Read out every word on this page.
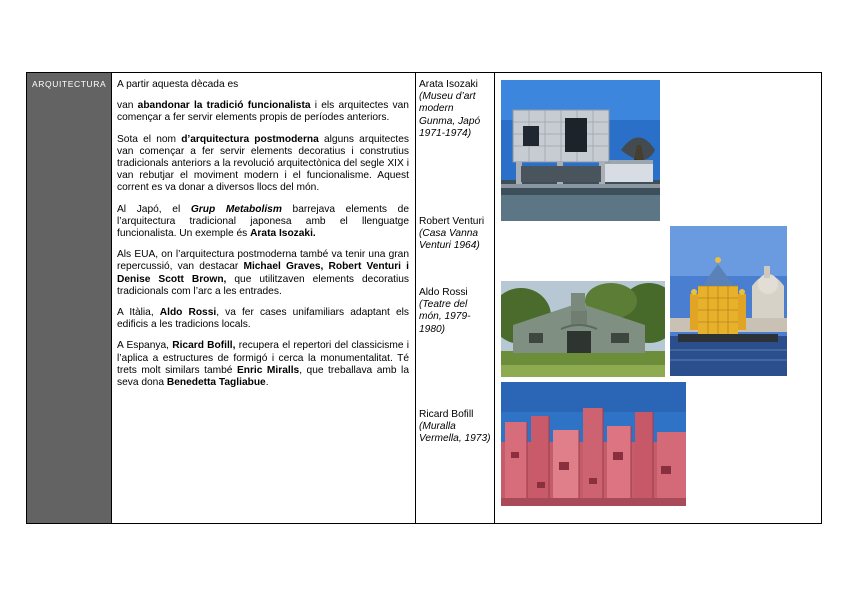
ARQUITECTURA A partir aquesta dècada es

van abandonar la tradició funcionalista i els arquitectes van començar a fer servir elements propis de períodes anteriors.

Sota el nom d’arquitectura postmoderna alguns arquitectes van començar a fer servir elements decoratius i construtius tradicionals anteriors a la revolució arquitectònica del segle XIX i van rebutjar el moviment modern i el funcionalisme. Aquest corrent es va donar a diversos llocs del món.

Al Japó, el Grup Metabolism barrejava elements de l’arquitectura tradicional japonesa amb el llenguatge funcionalista. Un exemple és Arata Isozaki.

Als EUA, on l’arquitectura postmoderna també va tenir una gran repercussió, van destacar Michael Graves, Robert Venturi i Denise Scott Brown, que utilitzaven elements decoratius tradicionals com l’arc a les entrades.

A Itàlia, Aldo Rossi, va fer cases unifamiliars adaptant els edificis a les tradicions locals.

A Espanya, Ricard Bofill, recupera el repertori del classicisme i l’aplica a estructures de formigó i cerca la monumentalitat. Té trets molt similars també Enric Miralls, que treballava amb la seva dona Benedetta Tagliabue.

Arata Isozaki
(Museu d’art modern Gunma, Japó 1971-1974)
Robert Venturi
(Casa Vanna Venturi 1964)
Aldo Rossi
(Teatre del món, 1979-1980)
Ricard Bofill
(Muralla Vermella, 1973)
